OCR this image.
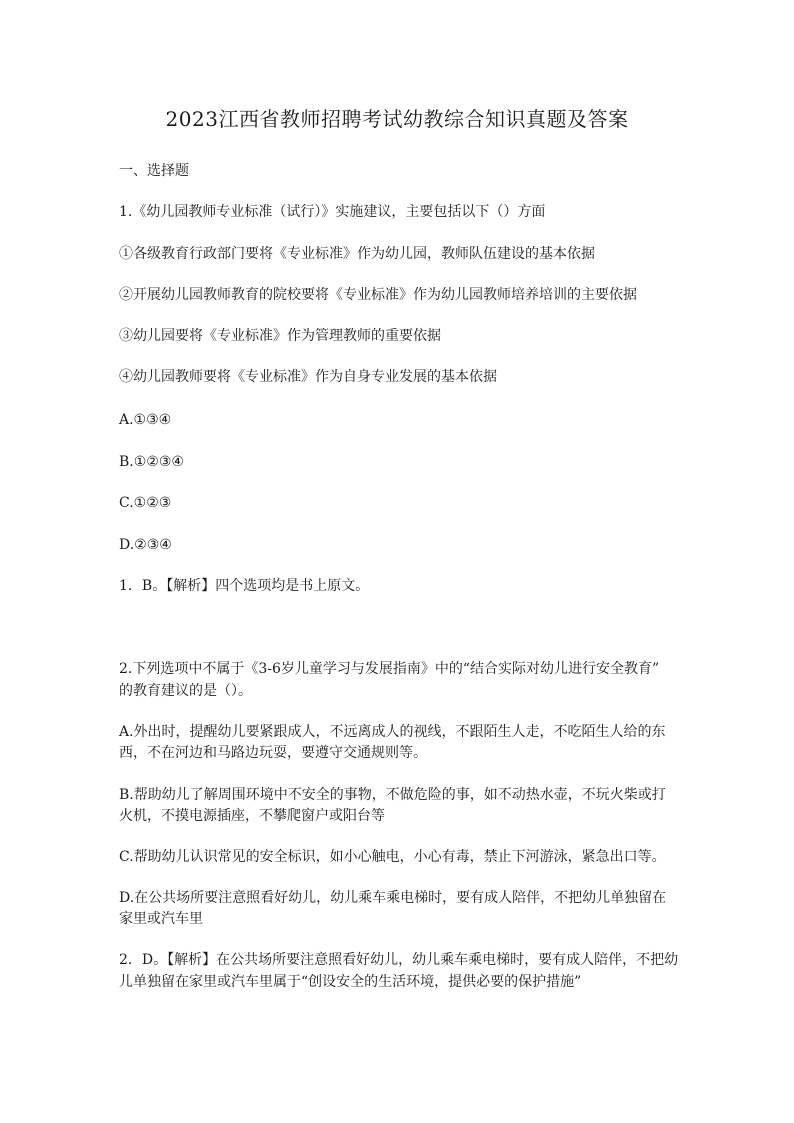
2023江西省教师招聘考试幼教综合知识真题及答案
一、选择题
1.《幼儿园教师专业标准（试行）》实施建议，主要包括以下（）方面
①各级教育行政部门要将《专业标准》作为幼儿园，教师队伍建设的基本依据
②开展幼儿园教师教育的院校要将《专业标准》作为幼儿园教师培养培训的主要依据
③幼儿园要将《专业标准》作为管理教师的重要依据
④幼儿园教师要将《专业标准》作为自身专业发展的基本依据
A.①③④
B.①②③④
C.①②③
D.②③④
1．B。【解析】四个选项均是书上原文。
2.下列选项中不属于《3-6岁儿童学习与发展指南》中的“结合实际对幼儿进行安全教育”
的教育建议的是（）。
A.外出时，提醒幼儿要紧跟成人，不远离成人的视线，不跟陌生人走，不吃陌生人给的东
西，不在河边和马路边玩耍，要遵守交通规则等。
B.帮助幼儿了解周围环境中不安全的事物，不做危险的事，如不动热水壶，不玩火柴或打
火机，不摸电源插座，不攀爬窗户或阳台等
C.帮助幼儿认识常见的安全标识，如小心触电，小心有毒，禁止下河游泳，紧急出口等。
D.在公共场所要注意照看好幼儿，幼儿乘车乘电梯时，要有成人陪伴，不把幼儿单独留在
家里或汽车里
2．D。【解析】在公共场所要注意照看好幼儿，幼儿乘车乘电梯时，要有成人陪伴，不把幼
儿单独留在家里或汽车里属于“创设安全的生活环境，提供必要的保护措施”
